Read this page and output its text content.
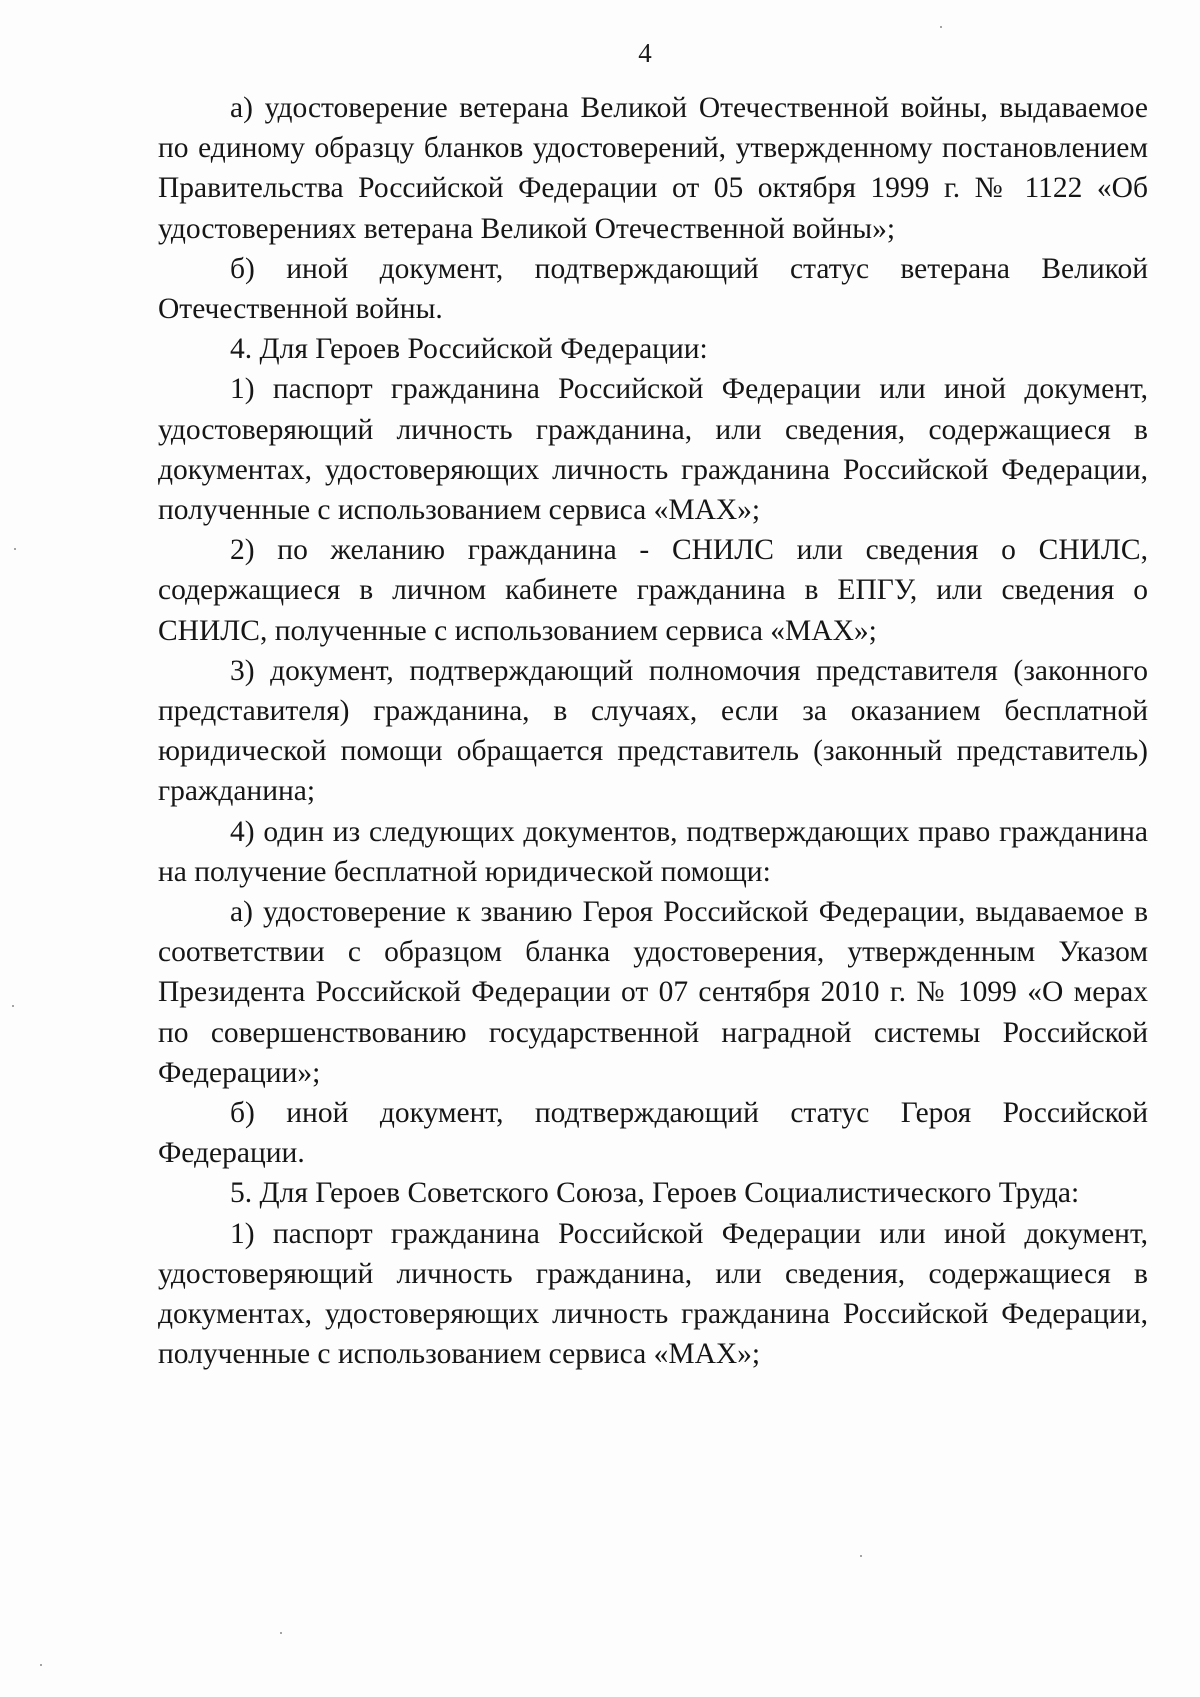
4

а) удостоверение ветерана Великой Отечественной войны, выдаваемое по единому образцу бланков удостоверений, утвержденному постановлением Правительства Российской Федерации от 05 октября 1999 г. № 1122 «Об удостоверениях ветерана Великой Отечественной войны»;

б) иной документ, подтверждающий статус ветерана Великой Отечественной войны.

4. Для Героев Российской Федерации:

1) паспорт гражданина Российской Федерации или иной документ, удостоверяющий личность гражданина, или сведения, содержащиеся в документах, удостоверяющих личность гражданина Российской Федерации, полученные с использованием сервиса «МАХ»;

2) по желанию гражданина - СНИЛС или сведения о СНИЛС, содержащиеся в личном кабинете гражданина в ЕПГУ, или сведения о СНИЛС, полученные с использованием сервиса «МАХ»;

3) документ, подтверждающий полномочия представителя (законного представителя) гражданина, в случаях, если за оказанием бесплатной юридической помощи обращается представитель (законный представитель) гражданина;

4) один из следующих документов, подтверждающих право гражданина на получение бесплатной юридической помощи:

а) удостоверение к званию Героя Российской Федерации, выдаваемое в соответствии с образцом бланка удостоверения, утвержденным Указом Президента Российской Федерации от 07 сентября 2010 г. № 1099 «О мерах по совершенствованию государственной наградной системы Российской Федерации»;

б) иной документ, подтверждающий статус Героя Российской Федерации.

5. Для Героев Советского Союза, Героев Социалистического Труда:

1) паспорт гражданина Российской Федерации или иной документ, удостоверяющий личность гражданина, или сведения, содержащиеся в документах, удостоверяющих личность гражданина Российской Федерации, полученные с использованием сервиса «МАХ»;
